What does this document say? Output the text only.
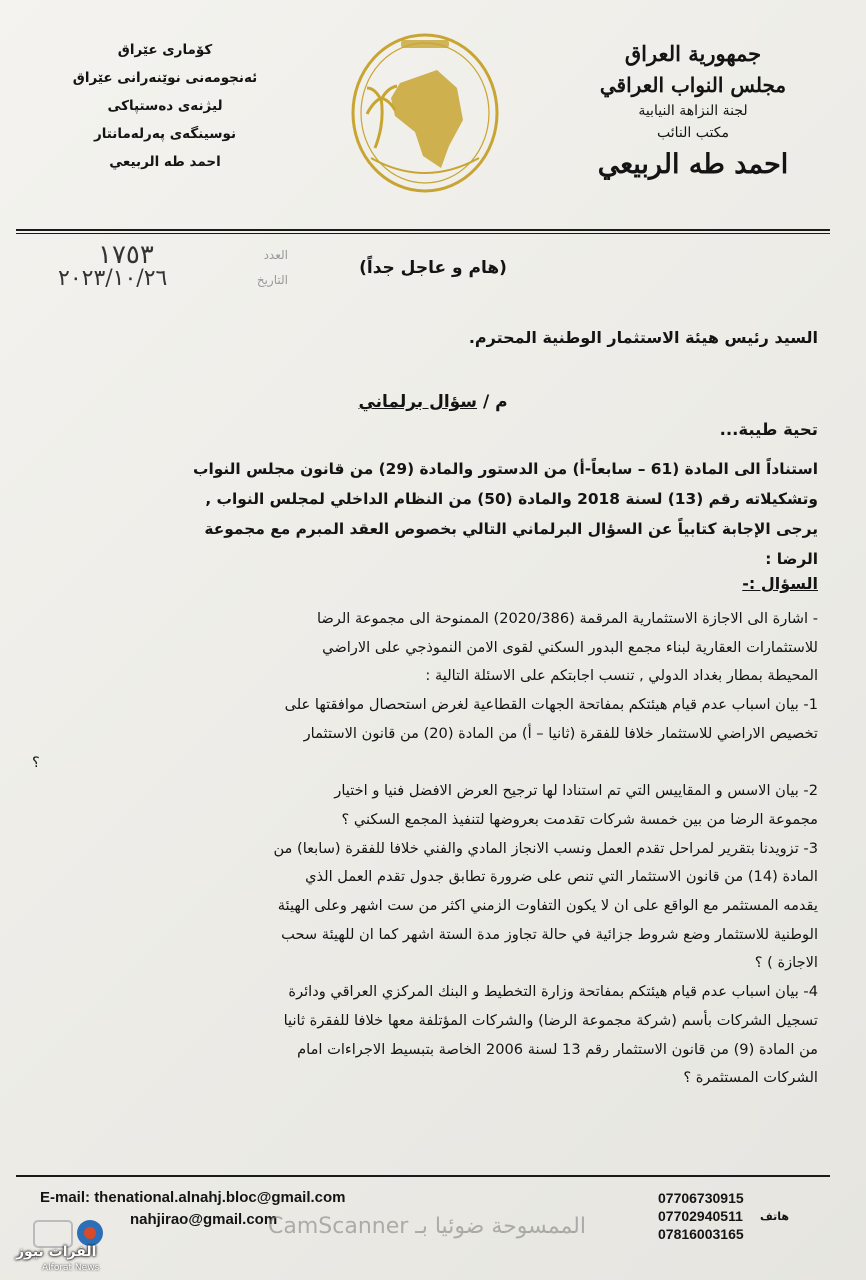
کۆماری عێراق
ئەنجومەنی نوێنەرانی عێراق
لیژنەی دەستپاکی
نوسینگەی پەرلەمانتار
احمد طه الربيعي
جمهورية العراق
مجلس النواب العراقي
لجنة النزاهة النيابية
مكتب النائب
احمد طه الربيعي
١٧٥٣	العدد
٢٠٢٣/١٠/٢٦	التاريخ
(هام و عاجل جداً)
السيد رئيس هيئة الاستثمار الوطنية المحترم.
م / سؤال برلماني
تحية طيبة...
استناداً الى المادة (61 – سابعاً-أ) من الدستور والمادة (29) من قانون مجلس النواب
وتشكيلاته رقم (13) لسنة 2018 والمادة (50) من النظام الداخلي لمجلس النواب ,
يرجى الإجابة كتابياً عن السؤال البرلماني التالي بخصوص العقد المبرم مع مجموعة
الرضا :
السؤال :-
- اشارة الى الاجازة الاستثمارية المرقمة (2020/386) الممنوحة الى مجموعة الرضا
للاستثمارات العقارية لبناء مجمع البدور السكني لقوى الامن النموذجي على الاراضي
المحيطة بمطار بغداد الدولي , تنسب اجابتكم على الاسئلة التالية :
1- بيان اسباب عدم قيام هيئتكم بمفاتحة الجهات القطاعية لغرض استحصال موافقتها على
تخصيص الاراضي للاستثمار خلافا للفقرة (ثانيا – أ) من المادة (20) من قانون الاستثمار
؟
2- بيان الاسس و المقاييس التي تم استنادا لها ترجيح العرض الافضل فنيا و اختيار
مجموعة الرضا من بين خمسة شركات تقدمت بعروضها لتنفيذ المجمع السكني ؟
3- تزويدنا بتقرير لمراحل تقدم العمل ونسب الانجاز المادي والفني خلافا للفقرة (سابعا) من
المادة (14) من قانون الاستثمار التي تنص على ضرورة تطابق جدول تقدم العمل الذي
يقدمه المستثمر مع الواقع على ان لا يكون التفاوت الزمني اكثر من ست اشهر وعلى الهيئة
الوطنية للاستثمار وضع شروط جزائية في حالة تجاوز مدة الستة اشهر كما ان للهيئة سحب
الاجازة ) ؟
4- بيان اسباب عدم قيام هيئتكم بمفاتحة وزارة التخطيط و البنك المركزي العراقي ودائرة
تسجيل الشركات بأسم (شركة مجموعة الرضا) والشركات المؤتلفة معها خلافا للفقرة ثانيا
من المادة (9) من قانون الاستثمار رقم 13 لسنة 2006 الخاصة بتبسيط الاجراءات امام
الشركات المستثمرة ؟
E-mail: thenational.alnahj.bloc@gmail.com
nahjirao@gmail.com
07706730915
07702940511
07816003165
هاتف
الممسوحة ضوئيا بـ CamScanner
الفرات نيوز
Alforat News
